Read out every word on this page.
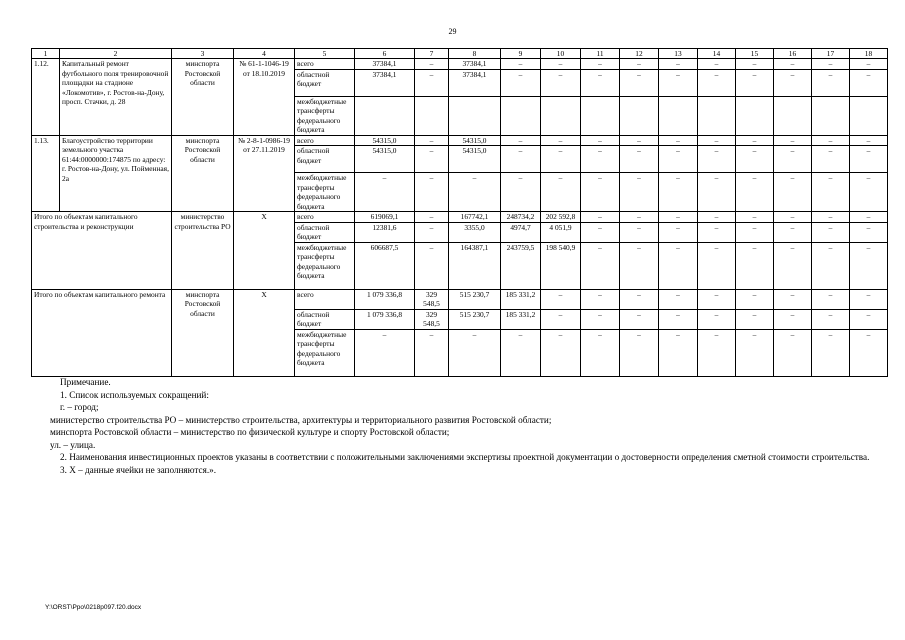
29
1	2	3	4	5	6	7	8	9	10	11	12	13	14	15	16	17	18
1.12.	Капитальный ремонт футбольного поля тренировочной площадки на стадионе «Локомотив», г. Ростов-на-Дону, просп. Стачки, д. 28	минспорта Ростовской области	№ 61-1-1046-19 от 18.10.2019	всего	37384,1	–	37384,1	–	–	–	–	–	–	–	–	–	–
				областной бюджет	37384,1	–	37384,1	–	–	–	–	–	–	–	–	–	–
				межбюджетные трансферты федерального бюджета													
1.13.	Благоустройство территории земельного участка 61:44:0000000:174875 по адресу: г. Ростов-на-Дону, ул. Пойменная, 2а	минспорта Ростовской области	№ 2-8-1-0986-19 от 27.11.2019	всего	54315,0	–	54315,0	–	–	–	–	–	–	–	–	–	–
				областной бюджет	54315,0	–	54315,0	–	–	–	–	–	–	–	–	–	–
				межбюджетные трансферты федерального бюджета	–	–	–	–	–	–	–	–	–	–	–	–	–
Итого по объектам капитального строительства и реконструкции		министерство строительства РО	Х	всего	619069,1	–	167742,1	248734,2	202 592,8	–	–	–	–	–	–	–	–
				областной бюджет	12381,6	–	3355,0	4974,7	4 051,9	–	–	–	–	–	–	–	–
				межбюджетные трансферты федерального бюджета	606687,5	–	164387,1	243759,5	198 540,9	–	–	–	–	–	–	–	–
Итого по объектам капитального ремонта		минспорта Ростовской области	Х	всего	1 079 336,8	329 548,5	515 230,7	185 331,2	–	–	–	–	–	–	–	–	–
				областной бюджет	1 079 336,8	329 548,5	515 230,7	185 331,2	–	–	–	–	–	–	–	–	–
				межбюджетные трансферты федерального бюджета	–	–	–	–	–	–	–	–	–	–	–	–	–

Примечание.

1. Список используемых сокращений:

г. – город;

министерство строительства РО – министерство строительства, архитектуры и территориального развития Ростовской области;

минспорта Ростовской области – министерство по физической культуре и спорту Ростовской области;

ул. – улица.

2. Наименования инвестиционных проектов указаны в соответствии с положительными заключениями экспертизы проектной документации о достоверности определения сметной стоимости строительства.

3. Х – данные ячейки не заполняются.».

Y:\ORST\Ppo\0218p097.f20.docx
